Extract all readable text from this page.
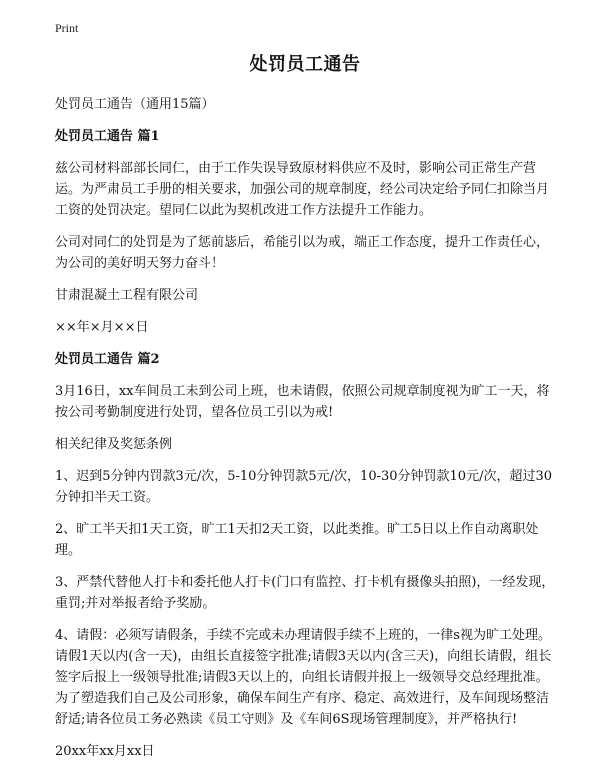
Print
处罚员工通告

处罚员工通告（通用15篇）

处罚员工通告 篇1

兹公司材料部部长同仁，由于工作失误导致原材料供应不及时，影响公司正常生产营运。为严肃员工手册的相关要求，加强公司的规章制度，经公司决定给予同仁扣除当月工资的处罚决定。望同仁以此为契机改进工作方法提升工作能力。

公司对同仁的处罚是为了惩前毖后，希能引以为戒，端正工作态度，提升工作责任心，为公司的美好明天努力奋斗！

甘肃混凝土工程有限公司

××年×月××日

处罚员工通告 篇2

3月16日，xx车间员工未到公司上班，也未请假，依照公司规章制度视为旷工一天，将按公司考勤制度进行处罚，望各位员工引以为戒!

相关纪律及奖惩条例

1、迟到5分钟内罚款3元/次，5-10分钟罚款5元/次，10-30分钟罚款10元/次，超过30分钟扣半天工资。

2、旷工半天扣1天工资，旷工1天扣2天工资，以此类推。旷工5日以上作自动离职处理。

3、严禁代替他人打卡和委托他人打卡(门口有监控、打卡机有摄像头拍照)，一经发现，重罚;并对举报者给予奖励。

4、请假：必须写请假条，手续不完或未办理请假手续不上班的，一律s视为旷工处理。请假1天以内(含一天)，由组长直接签字批准;请假3天以内(含三天)，向组长请假，组长签字后报上一级领导批准;请假3天以上的，向组长请假并报上一级领导交总经理批准。为了塑造我们自己及公司形象，确保车间生产有序、稳定、高效进行，及车间现场整洁舒适;请各位员工务必熟读《员工守则》及《车间6S现场管理制度》，并严格执行!

20xx年xx月xx日
